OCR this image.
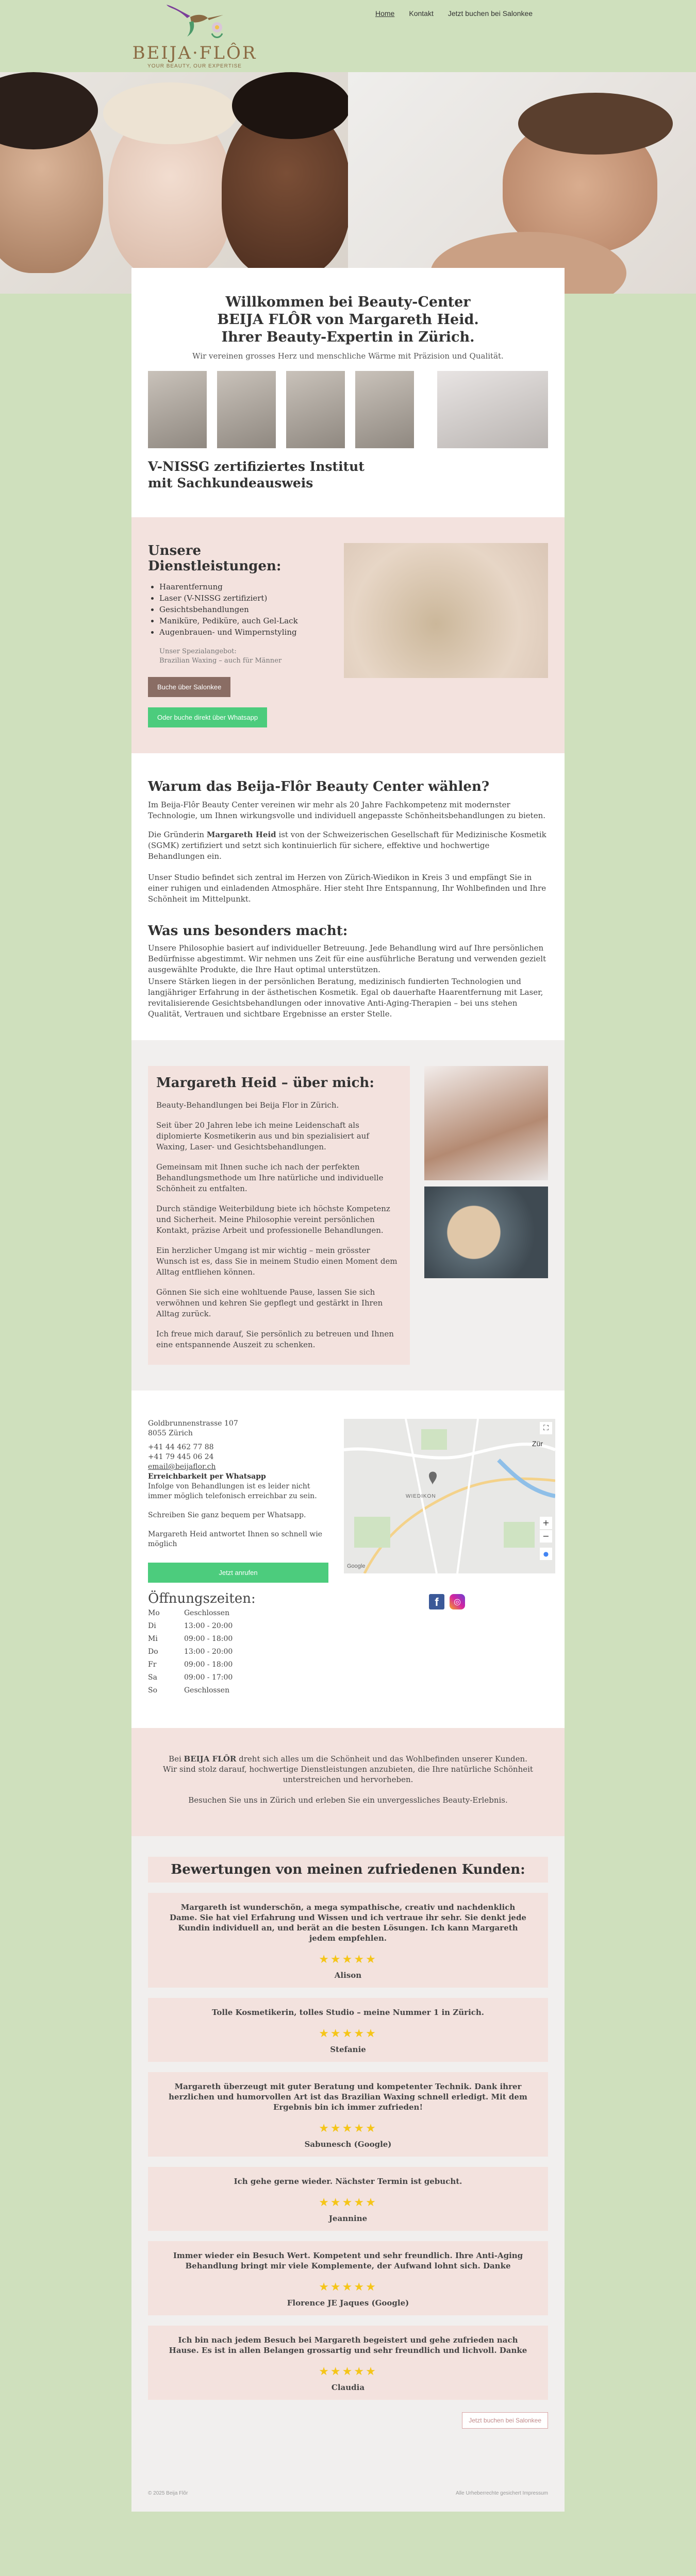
BEIJA·FLÔR
YOUR BEAUTY, OUR EXPERTISE
Home Kontakt Jetzt buchen bei Salonkee
Willkommen bei Beauty-Center
BEIJA FLÔR von Margareth Heid.
Ihrer Beauty-Expertin in Zürich.
Wir vereinen grosses Herz und menschliche Wärme mit Präzision und Qualität.
V-NISSG zertifiziertes Institut
mit Sachkundeausweis
Unsere Dienstleistungen:
• Haarentfernung
• Laser (V-NISSG zertifiziert)
• Gesichtsbehandlungen
• Maniküre, Pediküre, auch Gel-Lack
• Augenbrauen- und Wimpernstyling
Unser Spezialangebot:
Brazilian Waxing – auch für Männer
Buche über Salonkee
Oder buche direkt über Whatsapp
Warum das Beija-Flôr Beauty Center wählen?

Im Beija-Flôr Beauty Center vereinen wir mehr als 20 Jahre Fachkompetenz mit modernster Technologie, um Ihnen wirkungsvolle und individuell angepasste Schönheitsbehandlungen zu bieten.

Die Gründerin Margareth Heid ist von der Schweizerischen Gesellschaft für Medizinische Kosmetik (SGMK) zertifiziert und setzt sich kontinuierlich für sichere, effektive und hochwertige Behandlungen ein.

Unser Studio befindet sich zentral im Herzen von Zürich-Wiedikon in Kreis 3 und empfängt Sie in einer ruhigen und einladenden Atmosphäre. Hier steht Ihre Entspannung, Ihr Wohlbefinden und Ihre Schönheit im Mittelpunkt.

Was uns besonders macht:

Unsere Philosophie basiert auf individueller Betreuung. Jede Behandlung wird auf Ihre persönlichen Bedürfnisse abgestimmt. Wir nehmen uns Zeit für eine ausführliche Beratung und verwenden gezielt ausgewählte Produkte, die Ihre Haut optimal unterstützen.

Unsere Stärken liegen in der persönlichen Beratung, medizinisch fundierten Technologien und langjähriger Erfahrung in der ästhetischen Kosmetik. Egal ob dauerhafte Haarentfernung mit Laser, revitalisierende Gesichtsbehandlungen oder innovative Anti-Aging-Therapien – bei uns stehen Qualität, Vertrauen und sichtbare Ergebnisse an erster Stelle.

Margareth Heid – über mich:

Beauty-Behandlungen bei Beija Flor in Zürich.

Seit über 20 Jahren lebe ich meine Leidenschaft als diplomierte Kosmetikerin aus und bin spezialisiert auf Waxing, Laser- und Gesichtsbehandlungen.

Gemeinsam mit Ihnen suche ich nach der perfekten Behandlungsmethode um Ihre natürliche und individuelle Schönheit zu entfalten.

Durch ständige Weiterbildung biete ich höchste Kompetenz und Sicherheit. Meine Philosophie vereint persönlichen Kontakt, präzise Arbeit und professionelle Behandlungen.

Ein herzlicher Umgang ist mir wichtig – mein grösster Wunsch ist es, dass Sie in meinem Studio einen Moment dem Alltag entfliehen können.

Gönnen Sie sich eine wohltuende Pause, lassen Sie sich verwöhnen und kehren Sie gepflegt und gestärkt in Ihren Alltag zurück.

Ich freue mich darauf, Sie persönlich zu betreuen und Ihnen eine entspannende Auszeit zu schenken.

Goldbrunnenstrasse 107
8055 Zürich
+41 44 462 77 88
+41 79 445 06 24
email@beijaflor.ch
Erreichbarkeit per Whatsapp
Infolge von Behandlungen ist es leider nicht immer möglich telefonisch erreichbar zu sein.
Schreiben Sie ganz bequem per Whatsapp.
Margareth Heid antwortet Ihnen so schnell wie möglich
Jetzt anrufen
Öffnungszeiten:
Mo	Geschlossen
Di	13:00 - 20:00
Mi	09:00 - 18:00
Do	13:00 - 20:00
Fr	09:00 - 18:00
Sa	09:00 - 17:00
So	Geschlossen
Zür
WIEDIKON
Google
⛶
+
−
●
f	◎

Bei BEIJA FLÔR dreht sich alles um die Schönheit und das Wohlbefinden unserer Kunden.

Wir sind stolz darauf, hochwertige Dienstleistungen anzubieten, die Ihre natürliche Schönheit unterstreichen und hervorheben.

Besuchen Sie uns in Zürich und erleben Sie ein unvergessliches Beauty-Erlebnis.

Bewertungen von meinen zufriedenen Kunden:
Margareth ist wunderschön, a mega sympathische, creativ und nachdenklich Dame. Sie hat viel Erfahrung und Wissen und ich vertraue ihr sehr. Sie denkt jede Kundin individuell an, und berät an die besten Lösungen. Ich kann Margareth jedem empfehlen.
★★★★★
Alison
Tolle Kosmetikerin, tolles Studio – meine Nummer 1 in Zürich.
★★★★★
Stefanie
Margareth überzeugt mit guter Beratung und kompetenter Technik. Dank ihrer herzlichen und humorvollen Art ist das Brazilian Waxing schnell erledigt. Mit dem Ergebnis bin ich immer zufrieden!
★★★★★
Sabunesch (Google)
Ich gehe gerne wieder. Nächster Termin ist gebucht.
★★★★★
Jeannine
Immer wieder ein Besuch Wert. Kompetent und sehr freundlich. Ihre Anti-Aging Behandlung bringt mir viele Komplemente, der Aufwand lohnt sich. Danke
★★★★★
Florence JE Jaques (Google)
Ich bin nach jedem Besuch bei Margareth begeistert und gehe zufrieden nach Hause. Es ist in allen Belangen grossartig und sehr freundlich und lichvoll. Danke
★★★★★
Claudia
Jetzt buchen bei Salonkee
© 2025 Beija Flôr	Alle Urheberrechte gesichert Impressum
